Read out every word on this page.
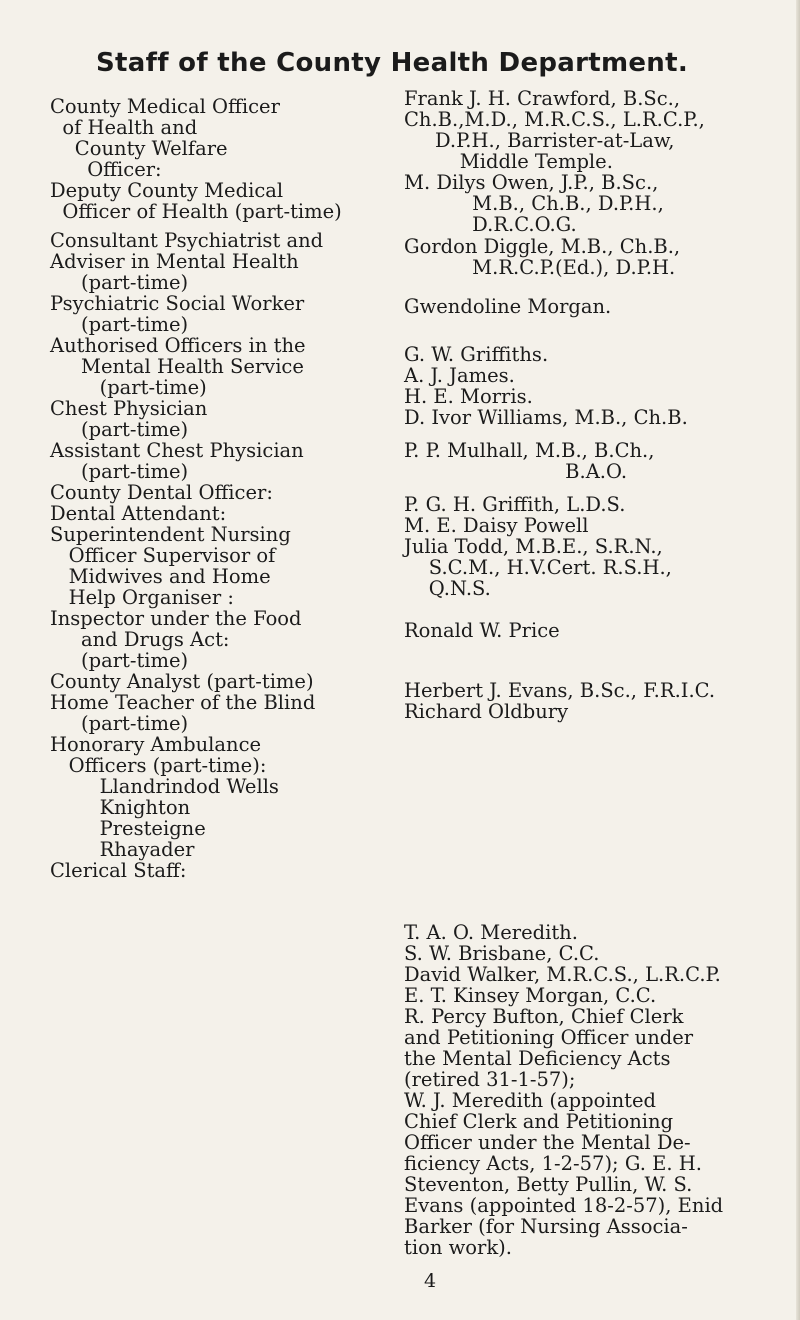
Staff of the County Health Department.
County Medical Officer
of Health and
County Welfare
Officer:
Deputy County Medical
Officer of Health (part-time)
Consultant Psychiatrist and
Adviser in Mental Health
(part-time)
Psychiatric Social Worker
(part-time)
Authorised Officers in the
Mental Health Service
(part-time)
Chest Physician
(part-time)
Assistant Chest Physician
(part-time)
County Dental Officer:
Dental Attendant:
Superintendent Nursing
Officer Supervisor of
Midwives and Home
Help Organiser :
Inspector under the Food
and Drugs Act:
(part-time)
County Analyst (part-time)
Home Teacher of the Blind
(part-time)
Honorary Ambulance
Officers (part-time):
Llandrindod Wells
Knighton
Presteigne
Rhayader
Clerical Staff:
Frank J. H. Crawford, B.Sc.,
Ch.B.,M.D., M.R.C.S., L.R.C.P.,
D.P.H., Barrister-at-Law,
Middle Temple.
M. Dilys Owen, J.P., B.Sc.,
M.B., Ch.B., D.P.H.,
D.R.C.O.G.
Gordon Diggle, M.B., Ch.B.,
M.R.C.P.(Ed.), D.P.H.
Gwendoline Morgan.
G. W. Griffiths.
A. J. James.
H. E. Morris.
D. Ivor Williams, M.B., Ch.B.
P. P. Mulhall, M.B., B.Ch.,
B.A.O.
P. G. H. Griffith, L.D.S.
M. E. Daisy Powell
Julia Todd, M.B.E., S.R.N.,
S.C.M., H.V.Cert. R.S.H.,
Q.N.S.
Ronald W. Price
Herbert J. Evans, B.Sc., F.R.I.C.
Richard Oldbury
T. A. O. Meredith.
S. W. Brisbane, C.C.
David Walker, M.R.C.S., L.R.C.P.
E. T. Kinsey Morgan, C.C.
R. Percy Bufton, Chief Clerk
and Petitioning Officer under
the Mental Deficiency Acts
(retired 31-1-57);
W. J. Meredith (appointed
Chief Clerk and Petitioning
Officer under the Mental De-
ficiency Acts, 1-2-57); G. E. H.
Steventon, Betty Pullin, W. S.
Evans (appointed 18-2-57), Enid
Barker (for Nursing Associa-
tion work).
4
